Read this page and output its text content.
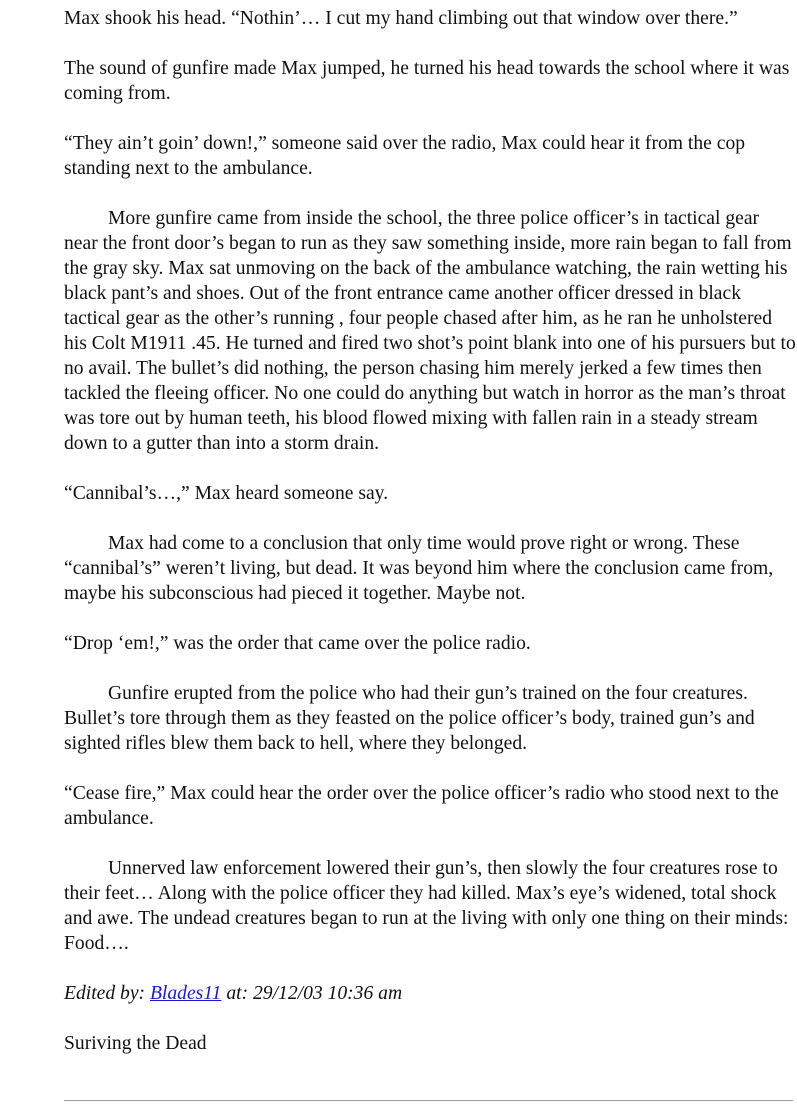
Max shook his head. “Nothin’… I cut my hand climbing out that window over there.”

The sound of gunfire made Max jumped, he turned his head towards the school where it was coming from.

“They ain’t goin’ down!,” someone said over the radio, Max could hear it from the cop standing next to the ambulance.

More gunfire came from inside the school, the three police officer’s in tactical gear near the front door’s began to run as they saw something inside, more rain began to fall from the gray sky. Max sat unmoving on the back of the ambulance watching, the rain wetting his black pant’s and shoes. Out of the front entrance came another officer dressed in black tactical gear as the other’s running , four people chased after him, as he ran he unholstered his Colt M1911 .45. He turned and fired two shot’s point blank into one of his pursuers but to no avail. The bullet’s did nothing, the person chasing him merely jerked a few times then tackled the fleeing officer. No one could do anything but watch in horror as the man’s throat was tore out by human teeth, his blood flowed mixing with fallen rain in a steady stream down to a gutter than into a storm drain.

“Cannibal’s…,” Max heard someone say.

Max had come to a conclusion that only time would prove right or wrong. These “cannibal’s” weren’t living, but dead. It was beyond him where the conclusion came from, maybe his subconscious had pieced it together. Maybe not.

“Drop ‘em!,” was the order that came over the police radio.

Gunfire erupted from the police who had their gun’s trained on the four creatures. Bullet’s tore through them as they feasted on the police officer’s body, trained gun’s and sighted rifles blew them back to hell, where they belonged.

“Cease fire,” Max could hear the order over the police officer’s radio who stood next to the ambulance.

Unnerved law enforcement lowered their gun’s, then slowly the four creatures rose to their feet… Along with the police officer they had killed. Max’s eye’s widened, total shock and awe. The undead creatures began to run at the living with only one thing on their minds: Food….

Edited by: Blades11 at: 29/12/03 10:36 am

Suriving the Dead
